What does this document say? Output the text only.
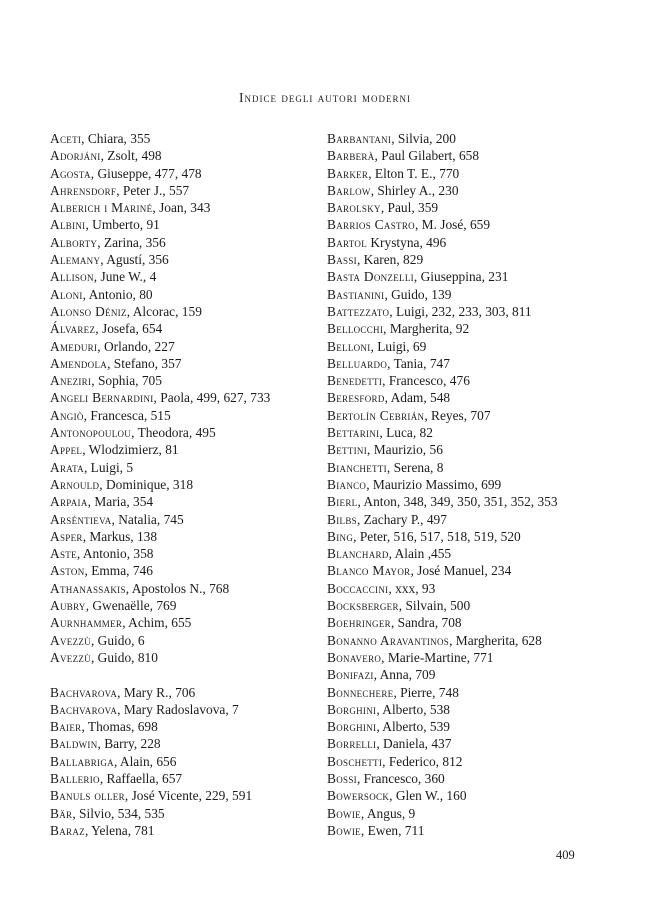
Indice degli autori moderni
Aceti, Chiara, 355
Adorjáni, Zsolt, 498
Agosta, Giuseppe, 477, 478
Ahrensdorf, Peter J., 557
Alberich i Mariné, Joan, 343
Albini, Umberto, 91
Alborty, Zarina, 356
Alemany, Agustí, 356
Allison, June W., 4
Aloni, Antonio, 80
Alonso Déniz, Alcorac, 159
Álvarez, Josefa, 654
Ameduri, Orlando, 227
Amendola, Stefano, 357
Aneziri, Sophia, 705
Angeli Bernardini, Paola, 499, 627, 733
Angiò, Francesca, 515
Antonopoulou, Theodora, 495
Appel, Wlodzimierz, 81
Arata, Luigi, 5
Arnould, Dominique, 318
Arpaia, Maria, 354
Arséntieva, Natalia, 745
Asper, Markus, 138
Aste, Antonio, 358
Aston, Emma, 746
Athanassakis, Apostolos N., 768
Aubry, Gwenaëlle, 769
Aurnhammer, Achim, 655
Avezzù, Guido, 6
Avezzù, Guido, 810
Bachvarova, Mary R., 706
Bachvarova, Mary Radoslavova, 7
Baier, Thomas, 698
Baldwin, Barry, 228
Ballabriga, Alain, 656
Ballerio, Raffaella, 657
Banuls oller, José Vicente, 229, 591
Bär, Silvio, 534, 535
Baraz, Yelena, 781
Barbantani, Silvia, 200
Barberà, Paul Gilabert, 658
Barker, Elton T. E., 770
Barlow, Shirley A., 230
Barolsky, Paul, 359
Barrios Castro, M. José, 659
Bartol Krystyna, 496
Bassi, Karen, 829
Basta Donzelli, Giuseppina, 231
Bastianini, Guido, 139
Battezzato, Luigi, 232, 233, 303, 811
Bellocchi, Margherita, 92
Belloni, Luigi, 69
Belluardo, Tania, 747
Benedetti, Francesco, 476
Beresford, Adam, 548
Bertolín Cebrián, Reyes, 707
Bettarini, Luca, 82
Bettini, Maurizio, 56
Bianchetti, Serena, 8
Bianco, Maurizio Massimo, 699
Bierl, Anton, 348, 349, 350, 351, 352, 353
Bilbs, Zachary P., 497
Bing, Peter, 516, 517, 518, 519, 520
Blanchard, Alain ,455
Blanco Mayor, José Manuel, 234
Boccaccini, xxx, 93
Bocksberger, Silvain, 500
Boehringer, Sandra, 708
Bonanno Aravantinos, Margherita, 628
Bonavero, Marie-Martine, 771
Bonifazi, Anna, 709
Bonnechere, Pierre, 748
Borghini, Alberto, 538
Borghini, Alberto, 539
Borrelli, Daniela, 437
Boschetti, Federico, 812
Bossi, Francesco, 360
Bowersock, Glen W., 160
Bowie, Angus, 9
Bowie, Ewen, 711
409
